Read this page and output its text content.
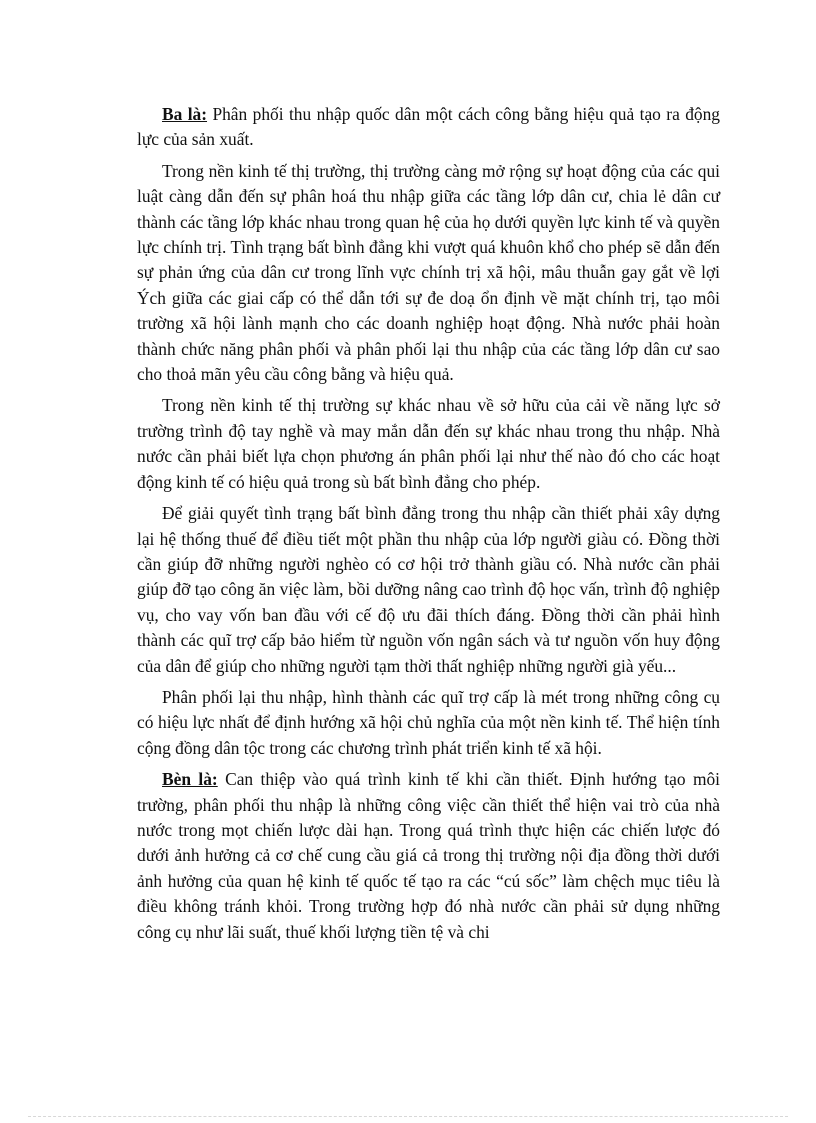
Ba là: Phân phối thu nhập quốc dân một cách công bằng hiệu quả tạo ra động lực của sản xuất.

Trong nền kinh tế thị trường, thị trường càng mở rộng sự hoạt động của các qui luật càng dẫn đến sự phân hoá thu nhập giữa các tầng lớp dân cư, chia lẻ dân cư thành các tầng lớp khác nhau trong quan hệ của họ dưới quyền lực kinh tế và quyền lực chính trị. Tình trạng bất bình đẳng khi vượt quá khuôn khổ cho phép sẽ dẫn đến sự phản ứng của dân cư trong lĩnh vực chính trị xã hội, mâu thuẫn gay gắt về lợi Ých giữa các giai cấp có thể dẫn tới sự đe doạ ổn định về mặt chính trị, tạo môi trường xã hội lành mạnh cho các doanh nghiệp hoạt động. Nhà nước phải hoàn thành chức năng phân phối và phân phối lại thu nhập của các tầng lớp dân cư sao cho thoả mãn yêu cầu công bằng và hiệu quả.

Trong nền kinh tế thị trường sự khác nhau về sở hữu của cải về năng lực sở trường trình độ tay nghề và may mắn dẫn đến sự khác nhau trong thu nhập. Nhà nước cần phải biết lựa chọn phương án phân phối lại như thế nào đó cho các hoạt động kinh tế có hiệu quả trong sù bất bình đẳng cho phép.

Để giải quyết tình trạng bất bình đẳng trong thu nhập cần thiết phải xây dựng lại hệ thống thuế để điều tiết một phần thu nhập của lớp người giàu có. Đồng thời cần giúp đỡ những người nghèo có cơ hội trở thành giầu có. Nhà nước cần phải giúp đỡ tạo công ăn việc làm, bồi dưỡng nâng cao trình độ học vấn, trình độ nghiệp vụ, cho vay vốn ban đầu với cế độ ưu đãi thích đáng. Đồng thời cần phải hình thành các quĩ trợ cấp bảo hiểm từ nguồn vốn ngân sách và tư nguồn vốn huy động của dân để giúp cho những người tạm thời thất nghiệp những người già yếu...

Phân phối lại thu nhập, hình thành các quĩ trợ cấp là mét trong những công cụ có hiệu lực nhất để định hướng xã hội chủ nghĩa của một nền kinh tế. Thể hiện tính cộng đồng dân tộc trong các chương trình phát triển kinh tế xã hội.

Bèn là: Can thiệp vào quá trình kinh tế khi cần thiết. Định hướng tạo môi trường, phân phối thu nhập là những công việc cần thiết thể hiện vai trò của nhà nước trong mọt chiến lược dài hạn. Trong quá trình thực hiện các chiến lược đó dưới ảnh hưởng cả cơ chế cung cầu giá cả trong thị trường nội địa đồng thời dưới ảnh hưởng của quan hệ kinh tế quốc tế tạo ra các “cú sốc” làm chệch mục tiêu là điều không tránh khỏi. Trong trường hợp đó nhà nước cần phải sử dụng những công cụ như lãi suất, thuế khối lượng tiền tệ và chi
